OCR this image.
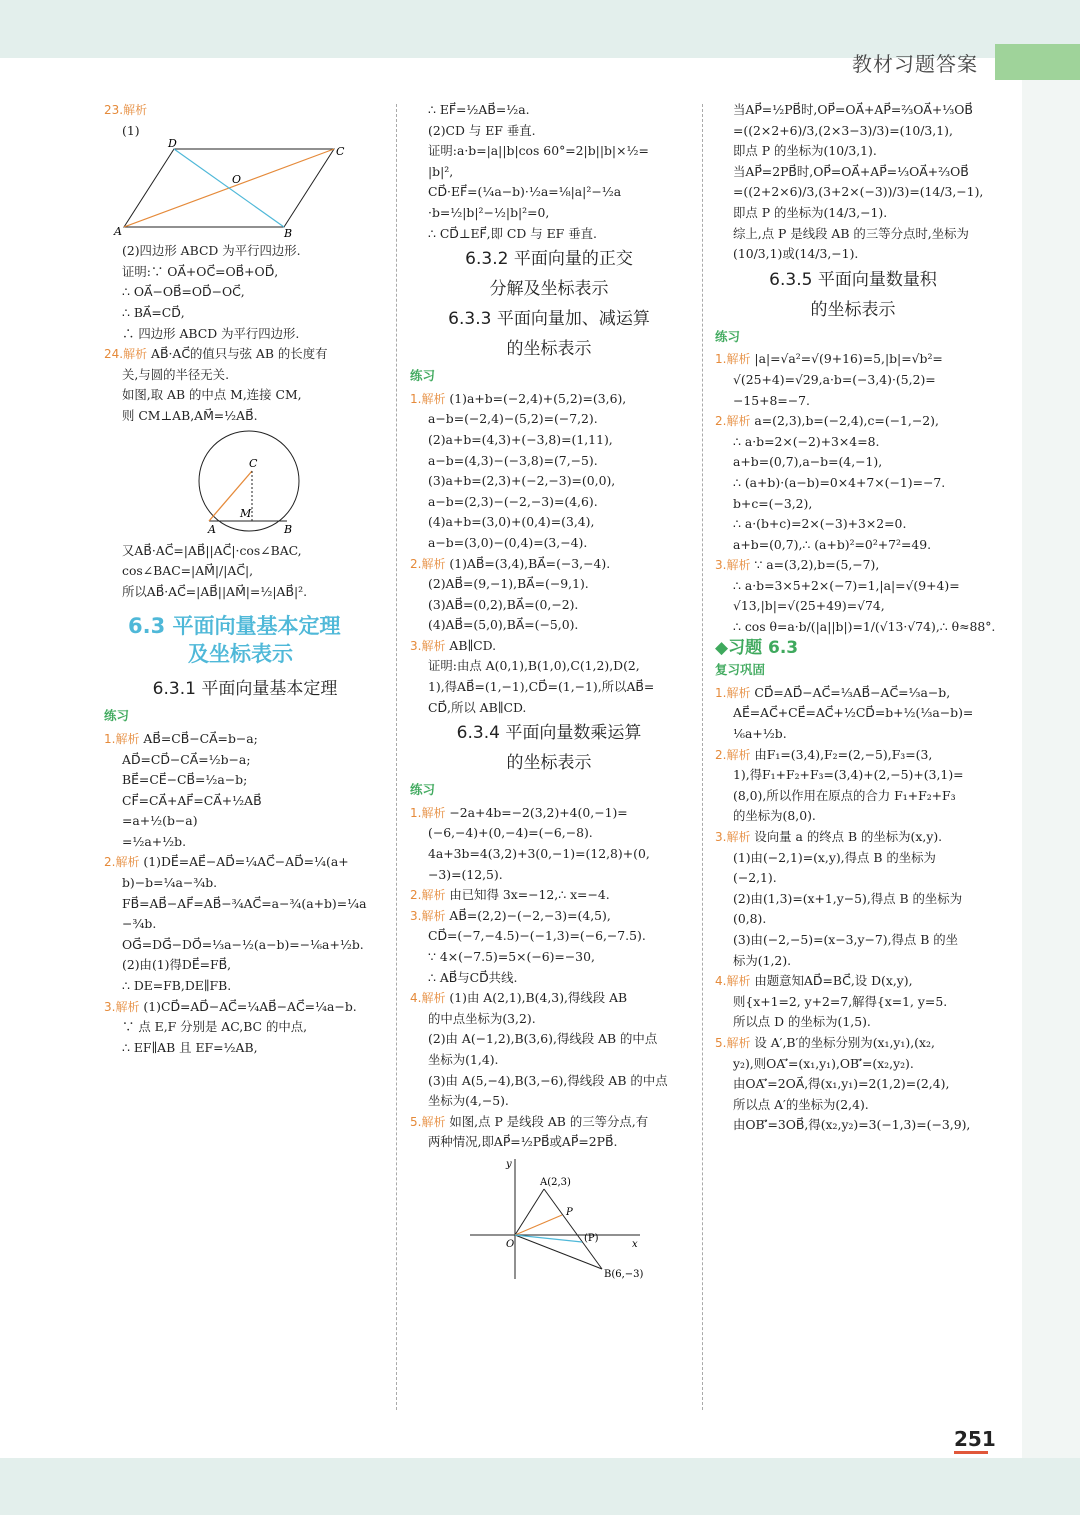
教材习题答案
23.解析
(1)
D
C
O
A	B
(2)四边形 ABCD 为平行四边形.
证明:∵ OA⃗+OC⃗=OB⃗+OD⃗,
∴ OA⃗−OB⃗=OD⃗−OC⃗,
∴ BA⃗=CD⃗,
∴ 四边形 ABCD 为平行四边形.
24.解析 AB⃗·AC⃗的值只与弦 AB 的长度有
关,与圆的半径无关.
如图,取 AB 的中点 M,连接 CM,
则 CM⊥AB,AM⃗=½AB⃗.
C
M
A	B
又AB⃗·AC⃗=|AB⃗||AC⃗|·cos∠BAC,
cos∠BAC=|AM⃗|/|AC⃗|,
所以AB⃗·AC⃗=|AB⃗||AM⃗|=½|AB⃗|².
6.3 平面向量基本定理
及坐标表示
6.3.1 平面向量基本定理
练习
1.解析 AB⃗=CB⃗−CA⃗=b−a;
AD⃗=CD⃗−CA⃗=½b−a;
BE⃗=CE⃗−CB⃗=½a−b;
CF⃗=CA⃗+AF⃗=CA⃗+½AB⃗
=a+½(b−a)
=½a+½b.
2.解析 (1)DE⃗=AE⃗−AD⃗=¼AC⃗−AD⃗=¼(a+
b)−b=¼a−¾b.
FB⃗=AB⃗−AF⃗=AB⃗−¾AC⃗=a−¾(a+b)=¼a
−¾b.
OG⃗=DG⃗−DO⃗=⅓a−½(a−b)=−⅙a+½b.
(2)由(1)得DE⃗=FB⃗,
∴ DE=FB,DE∥FB.
3.解析 (1)CD⃗=AD⃗−AC⃗=¼AB⃗−AC⃗=¼a−b.
∵ 点 E,F 分别是 AC,BC 的中点,
∴ EF∥AB 且 EF=½AB,
∴ EF⃗=½AB⃗=½a.
(2)CD 与 EF 垂直.
证明:a·b=|a||b|cos 60°=2|b||b|×½=
|b|²,
CD⃗·EF⃗=(¼a−b)·½a=⅛|a|²−½a
·b=½|b|²−½|b|²=0,
∴ CD⃗⊥EF⃗,即 CD 与 EF 垂直.
6.3.2 平面向量的正交
分解及坐标表示
6.3.3 平面向量加、减运算
的坐标表示
练习
1.解析 (1)a+b=(−2,4)+(5,2)=(3,6),
a−b=(−2,4)−(5,2)=(−7,2).
(2)a+b=(4,3)+(−3,8)=(1,11),
a−b=(4,3)−(−3,8)=(7,−5).
(3)a+b=(2,3)+(−2,−3)=(0,0),
a−b=(2,3)−(−2,−3)=(4,6).
(4)a+b=(3,0)+(0,4)=(3,4),
a−b=(3,0)−(0,4)=(3,−4).
2.解析 (1)AB⃗=(3,4),BA⃗=(−3,−4).
(2)AB⃗=(9,−1),BA⃗=(−9,1).
(3)AB⃗=(0,2),BA⃗=(0,−2).
(4)AB⃗=(5,0),BA⃗=(−5,0).
3.解析 AB∥CD.
证明:由点 A(0,1),B(1,0),C(1,2),D(2,
1),得AB⃗=(1,−1),CD⃗=(1,−1),所以AB⃗=
CD⃗,所以 AB∥CD.
6.3.4 平面向量数乘运算
的坐标表示
练习
1.解析 −2a+4b=−2(3,2)+4(0,−1)=
(−6,−4)+(0,−4)=(−6,−8).
4a+3b=4(3,2)+3(0,−1)=(12,8)+(0,
−3)=(12,5).
2.解析 由已知得 3x=−12,∴ x=−4.
3.解析 AB⃗=(2,2)−(−2,−3)=(4,5),
CD⃗=(−7,−4.5)−(−1,3)=(−6,−7.5).
∵ 4×(−7.5)=5×(−6)=−30,
∴ AB⃗与CD⃗共线.
4.解析 (1)由 A(2,1),B(4,3),得线段 AB
的中点坐标为(3,2).
(2)由 A(−1,2),B(3,6),得线段 AB 的中点
坐标为(1,4).
(3)由 A(5,−4),B(3,−6),得线段 AB 的中点
坐标为(4,−5).
5.解析 如图,点 P 是线段 AB 的三等分点,有
两种情况,即AP⃗=½PB⃗或AP⃗=2PB⃗.
y
x
O
A(2,3)
P
(P)
B(6,−3)
当AP⃗=½PB⃗时,OP⃗=OA⃗+AP⃗=⅔OA⃗+⅓OB⃗
=((2×2+6)/3,(2×3−3)/3)=(10/3,1),
即点 P 的坐标为(10/3,1).
当AP⃗=2PB⃗时,OP⃗=OA⃗+AP⃗=⅓OA⃗+⅔OB⃗
=((2+2×6)/3,(3+2×(−3))/3)=(14/3,−1),
即点 P 的坐标为(14/3,−1).
综上,点 P 是线段 AB 的三等分点时,坐标为
(10/3,1)或(14/3,−1).
6.3.5 平面向量数量积
的坐标表示
练习
1.解析 |a|=√a²=√(9+16)=5,|b|=√b²=
√(25+4)=√29,a·b=(−3,4)·(5,2)=
−15+8=−7.
2.解析 a=(2,3),b=(−2,4),c=(−1,−2),
∴ a·b=2×(−2)+3×4=8.
a+b=(0,7),a−b=(4,−1),
∴ (a+b)·(a−b)=0×4+7×(−1)=−7.
b+c=(−3,2),
∴ a·(b+c)=2×(−3)+3×2=0.
a+b=(0,7),∴ (a+b)²=0²+7²=49.
3.解析 ∵ a=(3,2),b=(5,−7),
∴ a·b=3×5+2×(−7)=1,|a|=√(9+4)=
√13,|b|=√(25+49)=√74,
∴ cos θ=a·b/(|a||b|)=1/(√13·√74),∴ θ≈88°.
◆习题 6.3
复习巩固
1.解析 CD⃗=AD⃗−AC⃗=⅓AB⃗−AC⃗=⅓a−b,
AE⃗=AC⃗+CE⃗=AC⃗+½CD⃗=b+½(⅓a−b)=
⅙a+½b.
2.解析 由F₁=(3,4),F₂=(2,−5),F₃=(3,
1),得F₁+F₂+F₃=(3,4)+(2,−5)+(3,1)=
(8,0),所以作用在原点的合力 F₁+F₂+F₃
的坐标为(8,0).
3.解析 设向量 a 的终点 B 的坐标为(x,y).
(1)由(−2,1)=(x,y),得点 B 的坐标为
(−2,1).
(2)由(1,3)=(x+1,y−5),得点 B 的坐标为
(0,8).
(3)由(−2,−5)=(x−3,y−7),得点 B 的坐
标为(1,2).
4.解析 由题意知AD⃗=BC⃗,设 D(x,y),
则{x+1=2, y+2=7,解得{x=1, y=5.
所以点 D 的坐标为(1,5).
5.解析 设 A′,B′的坐标分别为(x₁,y₁),(x₂,
y₂),则OA′⃗=(x₁,y₁),OB′⃗=(x₂,y₂).
由OA′⃗=2OA⃗,得(x₁,y₁)=2(1,2)=(2,4),
所以点 A′的坐标为(2,4).
由OB′⃗=3OB⃗,得(x₂,y₂)=3(−1,3)=(−3,9),
251
